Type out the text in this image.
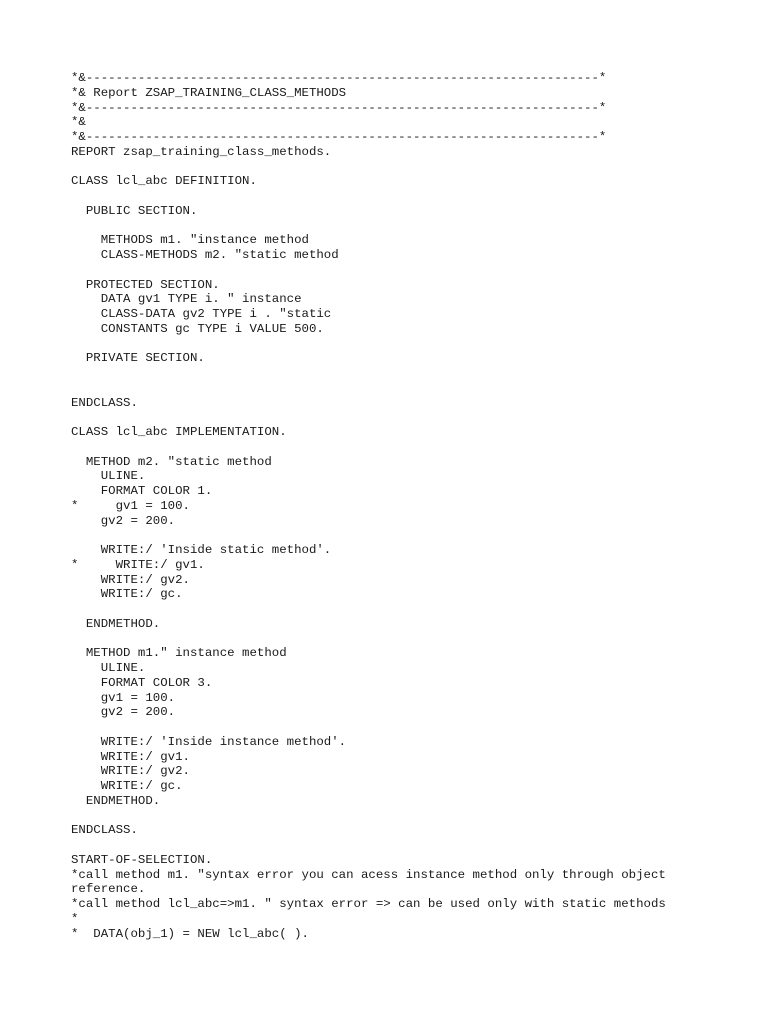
*&---------------------------------------------------------------------*
*& Report ZSAP_TRAINING_CLASS_METHODS
*&---------------------------------------------------------------------*
*&
*&---------------------------------------------------------------------*
REPORT zsap_training_class_methods.
CLASS lcl_abc DEFINITION.
PUBLIC SECTION.
METHODS m1. "instance method
CLASS-METHODS m2. "static method
PROTECTED SECTION.
DATA gv1 TYPE i. " instance
CLASS-DATA gv2 TYPE i . "static
CONSTANTS gc TYPE i VALUE 500.
PRIVATE SECTION.
ENDCLASS.
CLASS lcl_abc IMPLEMENTATION.
METHOD m2. "static method
ULINE.
FORMAT COLOR 1.
*     gv1 = 100.
gv2 = 200.
WRITE:/ 'Inside static method'.
*     WRITE:/ gv1.
WRITE:/ gv2.
WRITE:/ gc.
ENDMETHOD.
METHOD m1." instance method
ULINE.
FORMAT COLOR 3.
gv1 = 100.
gv2 = 200.
WRITE:/ 'Inside instance method'.
WRITE:/ gv1.
WRITE:/ gv2.
WRITE:/ gc.
ENDMETHOD.
ENDCLASS.
START-OF-SELECTION.
*call method m1. "syntax error you can acess instance method only through object
reference.
*call method lcl_abc=>m1. " syntax error => can be used only with static methods
*
*  DATA(obj_1) = NEW lcl_abc( ).
